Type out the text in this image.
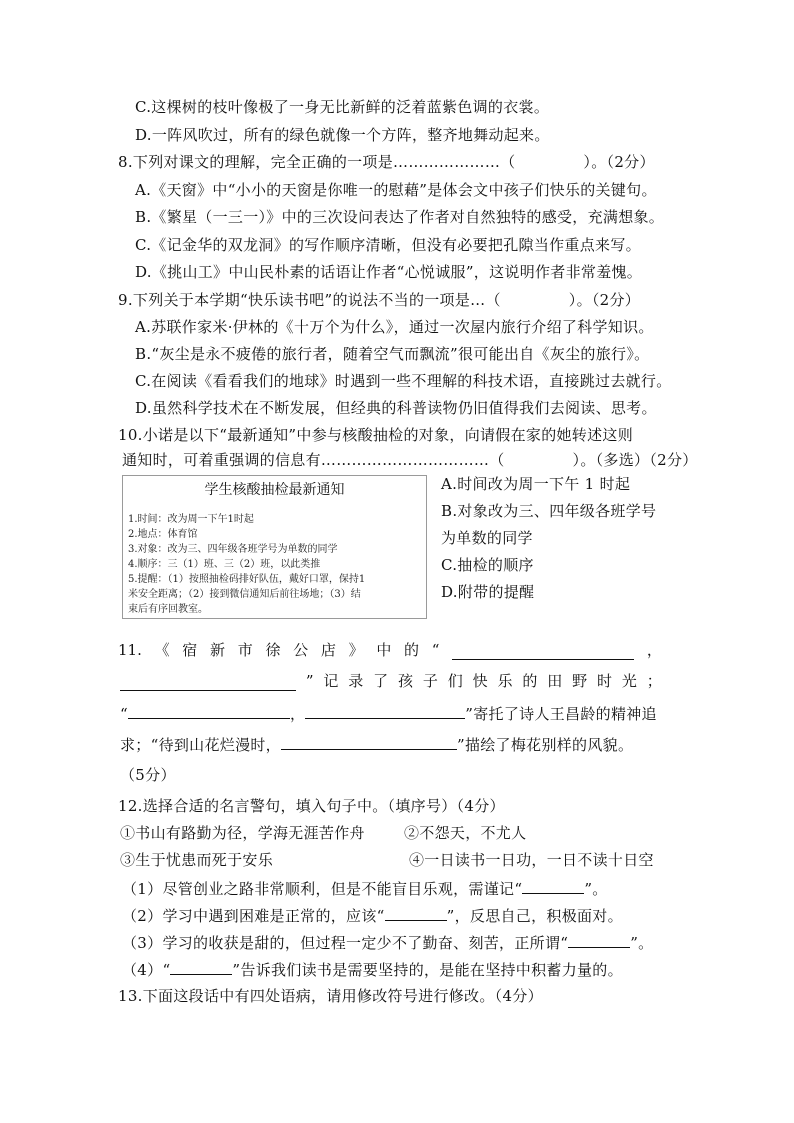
C.这棵树的枝叶像极了一身无比新鲜的泛着蓝紫色调的衣裳。
D.一阵风吹过，所有的绿色就像一个方阵，整齐地舞动起来。
8.下列对课文的理解，完全正确的一项是…………………（	）。（2分）
A.《天窗》中“小小的天窗是你唯一的慰藉”是体会文中孩子们快乐的关键句。
B.《繁星（一三一）》中的三次设问表达了作者对自然独特的感受，充满想象。
C.《记金华的双龙洞》的写作顺序清晰，但没有必要把孔隙当作重点来写。
D.《挑山工》中山民朴素的话语让作者“心悦诚服”，这说明作者非常羞愧。
9.下列关于本学期“快乐读书吧”的说法不当的一项是…（	）。（2分）
A.苏联作家米·伊林的《十万个为什么》，通过一次屋内旅行介绍了科学知识。
B.“灰尘是永不疲倦的旅行者，随着空气而飘流”很可能出自《灰尘的旅行》。
C.在阅读《看看我们的地球》时遇到一些不理解的科技术语，直接跳过去就行。
D.虽然科学技术在不断发展，但经典的科普读物仍旧值得我们去阅读、思考。
10.小诺是以下“最新通知”中参与核酸抽检的对象，向请假在家的她转述这则
通知时，可着重强调的信息有……………………………（	）。（多选）（2分）
学生核酸抽检最新通知
1.时间：改为周一下午1时起
2.地点：体育馆
3.对象：改为三、四年级各班学号为单数的同学
4.顺序：三（1）班、三（2）班，以此类推
5.提醒：（1）按照抽检码排好队伍，戴好口罩，保持1
米安全距离；（2）接到微信通知后前往场地；（3）结
束后有序回教室。
A.时间改为周一下午 1 时起
B.对象改为三、四年级各班学号
为单数的同学
C.抽检的顺序
D.附带的提醒
11. 《 宿 新 市 徐 公 店 》 中 的 “	，
” 记 录 了 孩 子 们 快 乐 的 田 野 时 光 ；
“	，	”寄托了诗人王昌龄的精神追
求；“待到山花烂漫时，	”描绘了梅花别样的风貌。
（5分）
12.选择合适的名言警句，填入句子中。（填序号）（4分）
①书山有路勤为径，学海无涯苦作舟	②不怨天，不尤人
③生于忧患而死于安乐	④一日读书一日功，一日不读十日空
（1）尽管创业之路非常顺利，但是不能盲目乐观，需谨记“	”。
（2）学习中遇到困难是正常的，应该“	”，反思自己，积极面对。
（3）学习的收获是甜的，但过程一定少不了勤奋、刻苦，正所谓“	”。
（4）“	”告诉我们读书是需要坚持的，是能在坚持中积蓄力量的。
13.下面这段话中有四处语病，请用修改符号进行修改。（4分）
